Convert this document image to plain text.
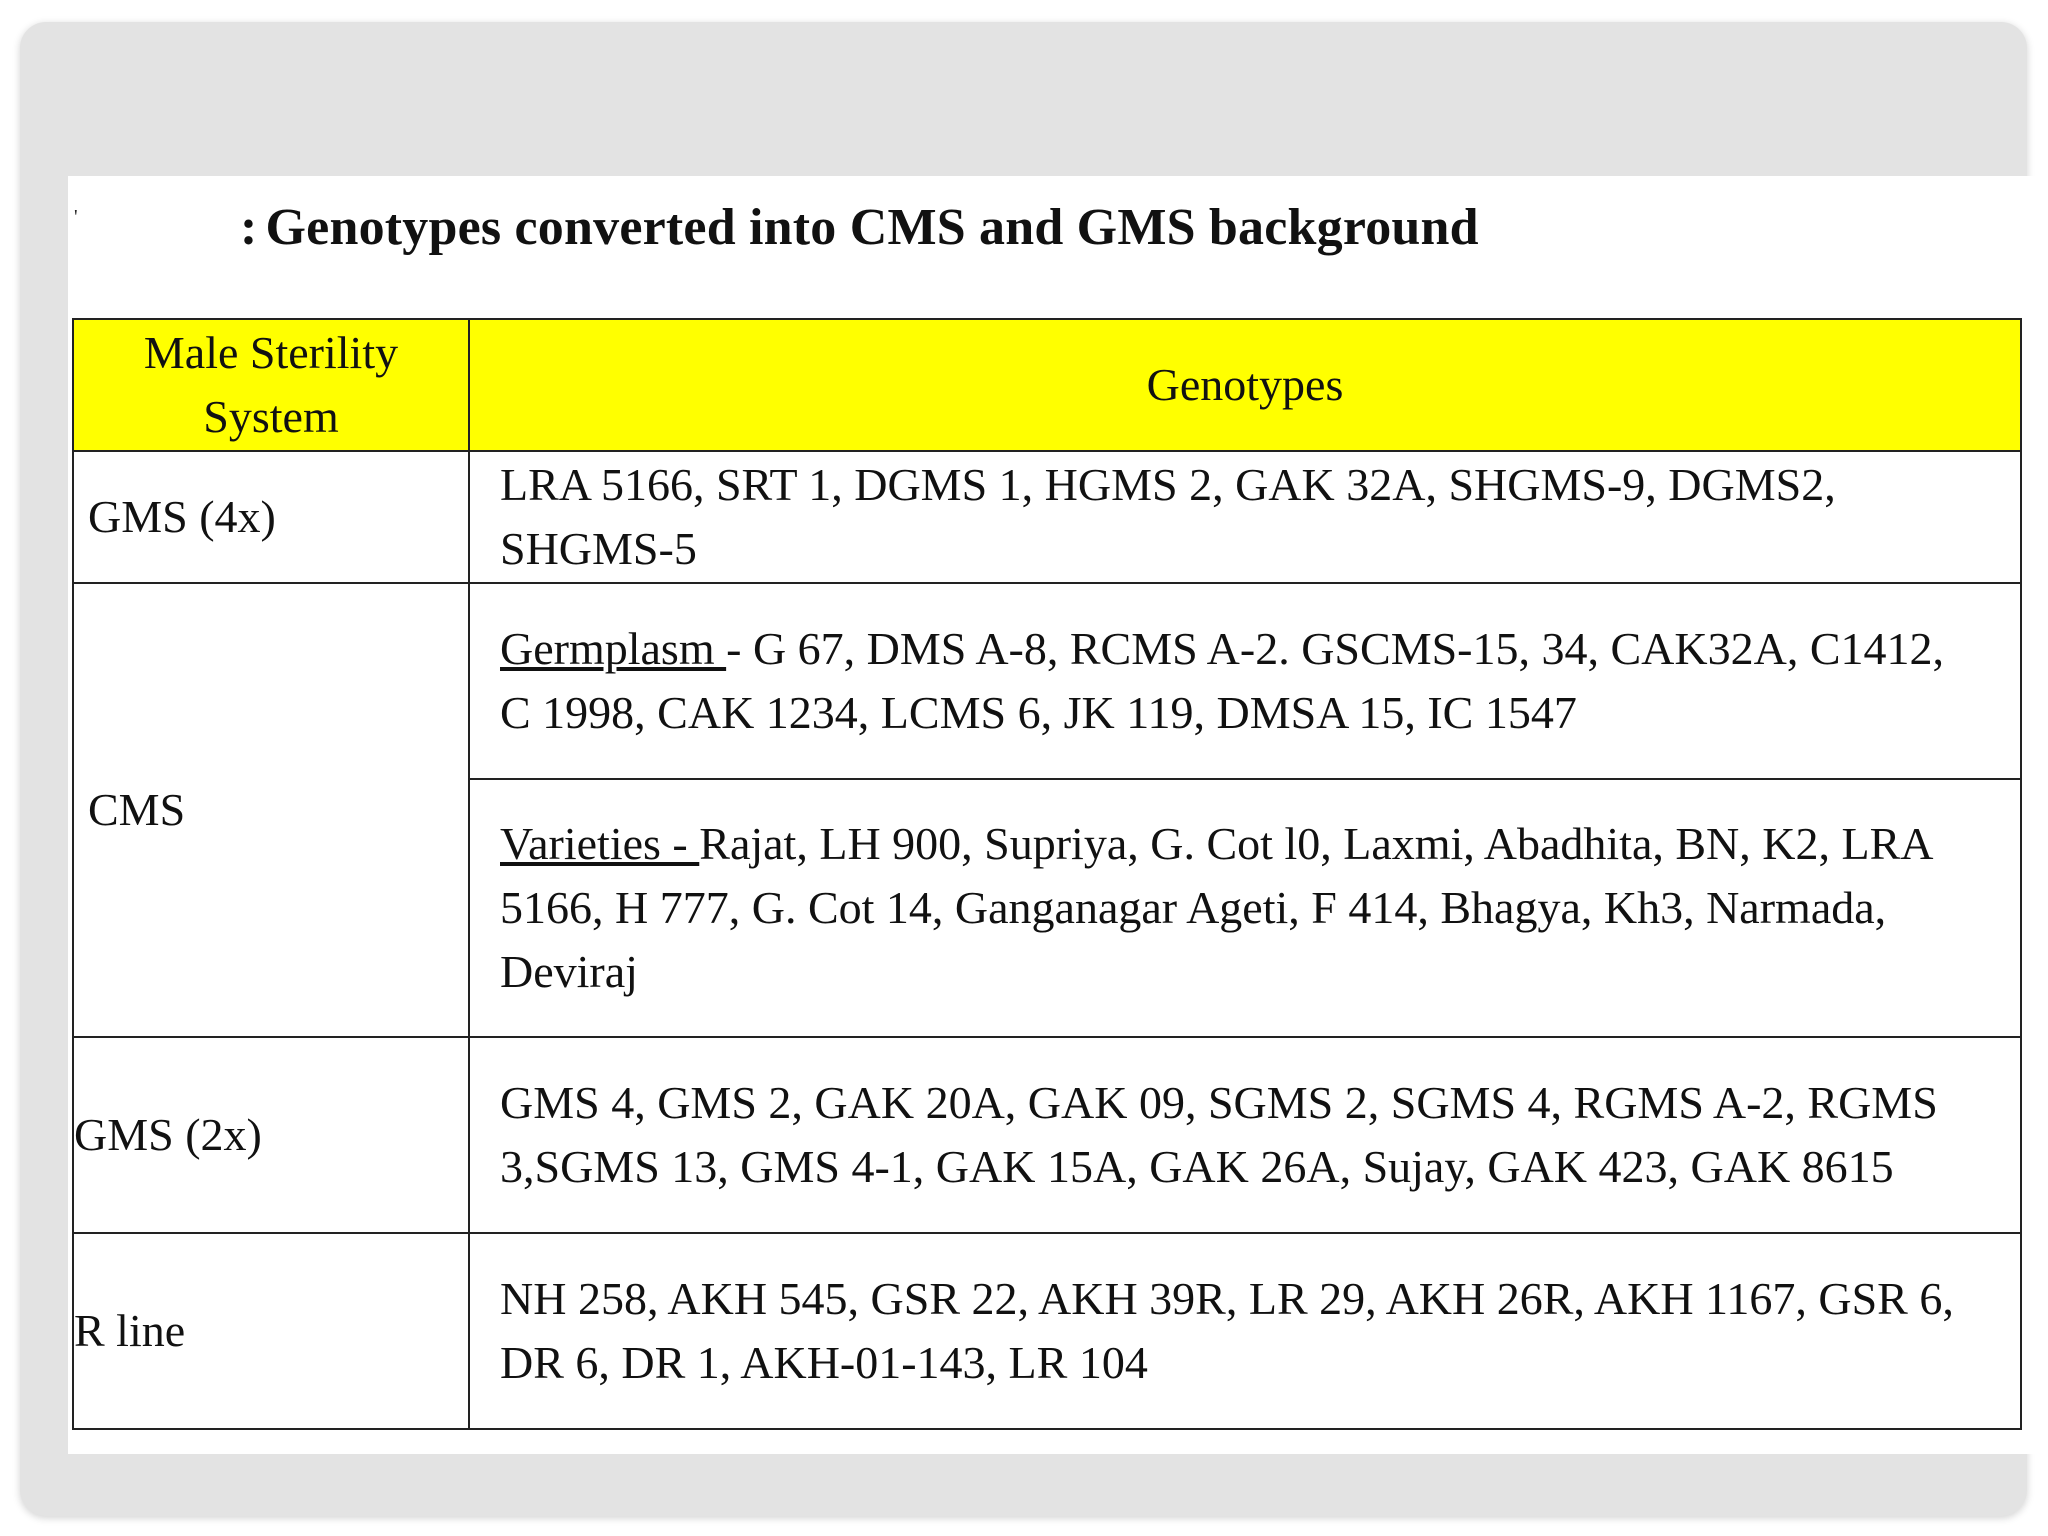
'	: Genotypes converted into CMS and GMS background
Male Sterility System	Genotypes
GMS (4x)	LRA 5166, SRT 1, DGMS 1, HGMS 2, GAK 32A, SHGMS-9, DGMS2, SHGMS-5
CMS	Germplasm - G 67, DMS A-8, RCMS A-2. GSCMS-15, 34, CAK32A, C1412,
C 1998, CAK 1234, LCMS 6, JK 119, DMSA 15, IC 1547
	Varieties - Rajat, LH 900, Supriya, G. Cot l0, Laxmi, Abadhita, BN, K2, LRA
5166, H 777, G. Cot 14, Ganganagar Ageti, F 414, Bhagya, Kh3, Narmada, Deviraj
GMS (2x)	GMS 4, GMS 2, GAK 20A, GAK 09, SGMS 2, SGMS 4, RGMS A-2, RGMS 3,SGMS 13, GMS 4-1, GAK 15A, GAK 26A, Sujay, GAK 423, GAK 8615
R line	NH 258, AKH 545, GSR 22, AKH 39R, LR 29, AKH 26R, AKH 1167, GSR 6,
DR 6, DR 1, AKH-01-143, LR 104
